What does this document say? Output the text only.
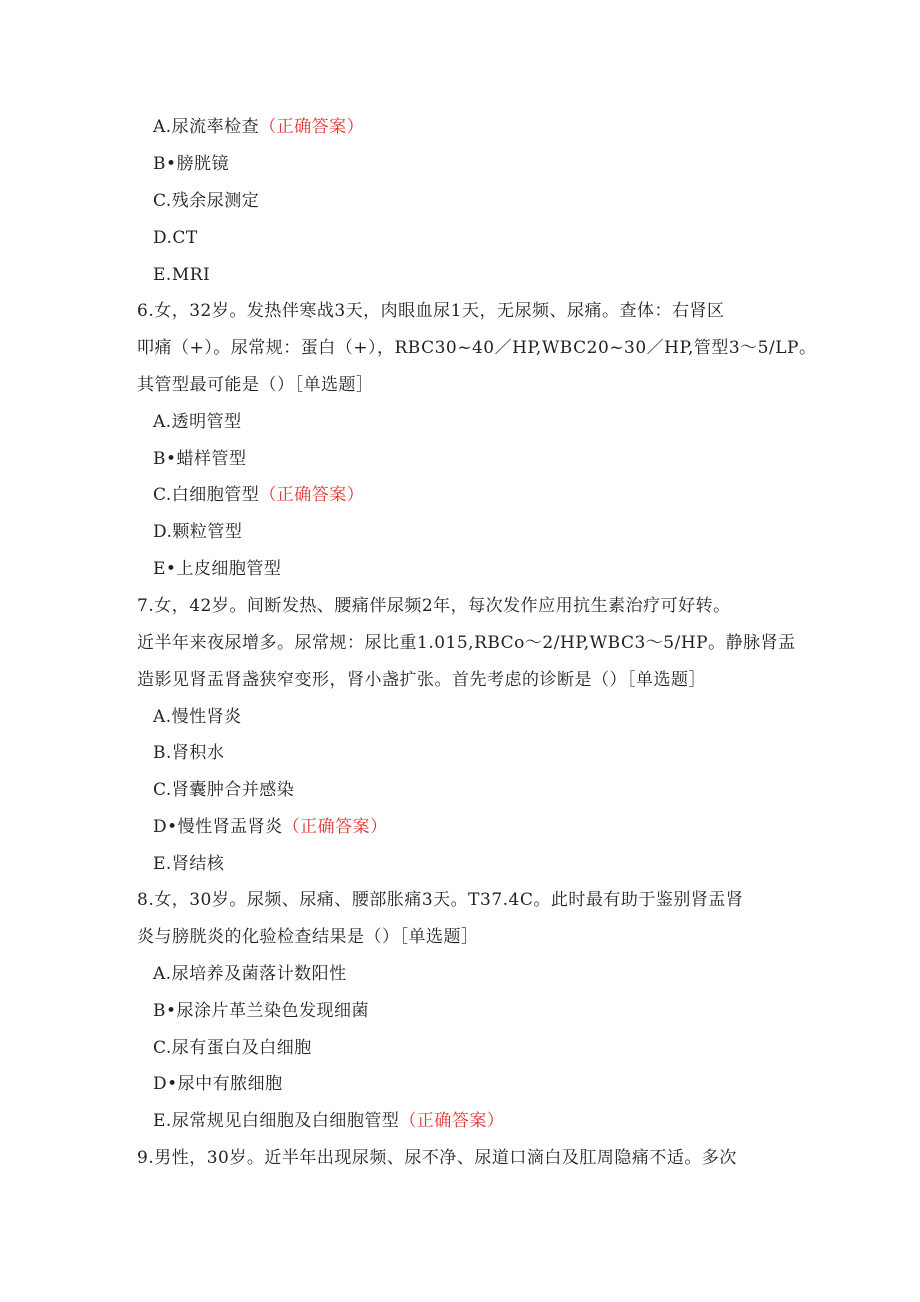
A.尿流率检查（正确答案）
B•膀胱镜
C.残余尿测定
D.CT
E.MRI
6.女，32岁。发热伴寒战3天，肉眼血尿1天，无尿频、尿痛。查体：右肾区
叩痛（+）。尿常规：蛋白（+），RBC30~40／HP,WBC20~30／HP,管型3～5/LP。
其管型最可能是（）［单选题］
A.透明管型
B•蜡样管型
C.白细胞管型（正确答案）
D.颗粒管型
E•上皮细胞管型
7.女，42岁。间断发热、腰痛伴尿频2年，每次发作应用抗生素治疗可好转。
近半年来夜尿增多。尿常规：尿比重1.015,RBCo～2/HP,WBC3～5/HP。静脉肾盂
造影见肾盂肾盏狭窄变形，肾小盏扩张。首先考虑的诊断是（）［单选题］
A.慢性肾炎
B.肾积水
C.肾囊肿合并感染
D•慢性肾盂肾炎（正确答案）
E.肾结核
8.女，30岁。尿频、尿痛、腰部胀痛3天。T37.4C。此时最有助于鉴别肾盂肾
炎与膀胱炎的化验检查结果是（）［单选题］
A.尿培养及菌落计数阳性
B•尿涂片革兰染色发现细菌
C.尿有蛋白及白细胞
D•尿中有脓细胞
E.尿常规见白细胞及白细胞管型（正确答案）
9.男性，30岁。近半年出现尿频、尿不净、尿道口滴白及肛周隐痛不适。多次
